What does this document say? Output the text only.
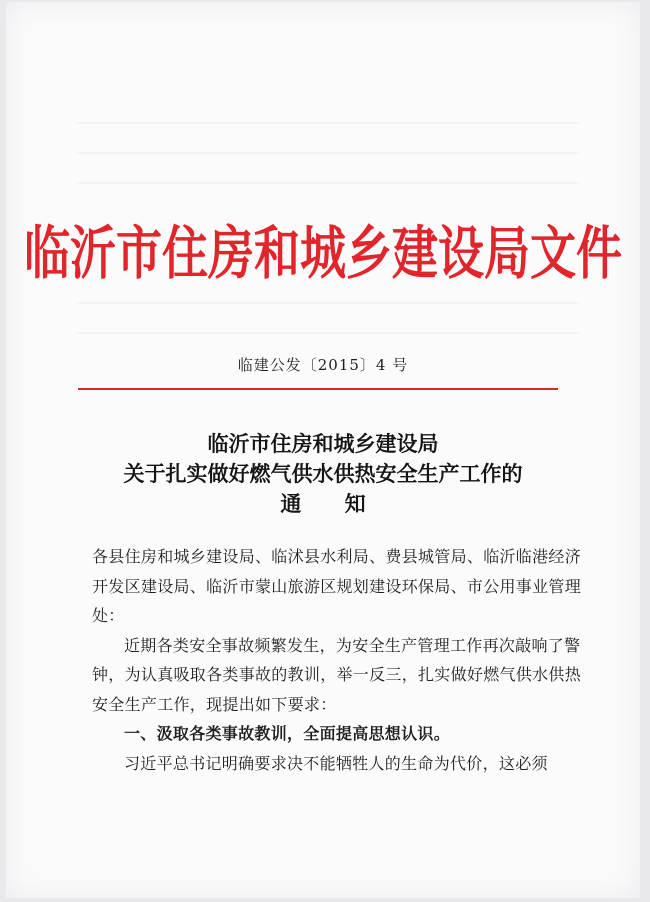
临沂市住房和城乡建设局文件
临建公发〔2015〕4 号
临沂市住房和城乡建设局
关于扎实做好燃气供水供热安全生产工作的
通 知

各县住房和城乡建设局、临沭县水利局、费县城管局、临沂临港经济开发区建设局、临沂市蒙山旅游区规划建设环保局、市公用事业管理处：

近期各类安全事故频繁发生，为安全生产管理工作再次敲响了警钟，为认真吸取各类事故的教训，举一反三，扎实做好燃气供水供热安全生产工作，现提出如下要求：

一、汲取各类事故教训，全面提高思想认识。

习近平总书记明确要求决不能牺牲人的生命为代价，这必须
